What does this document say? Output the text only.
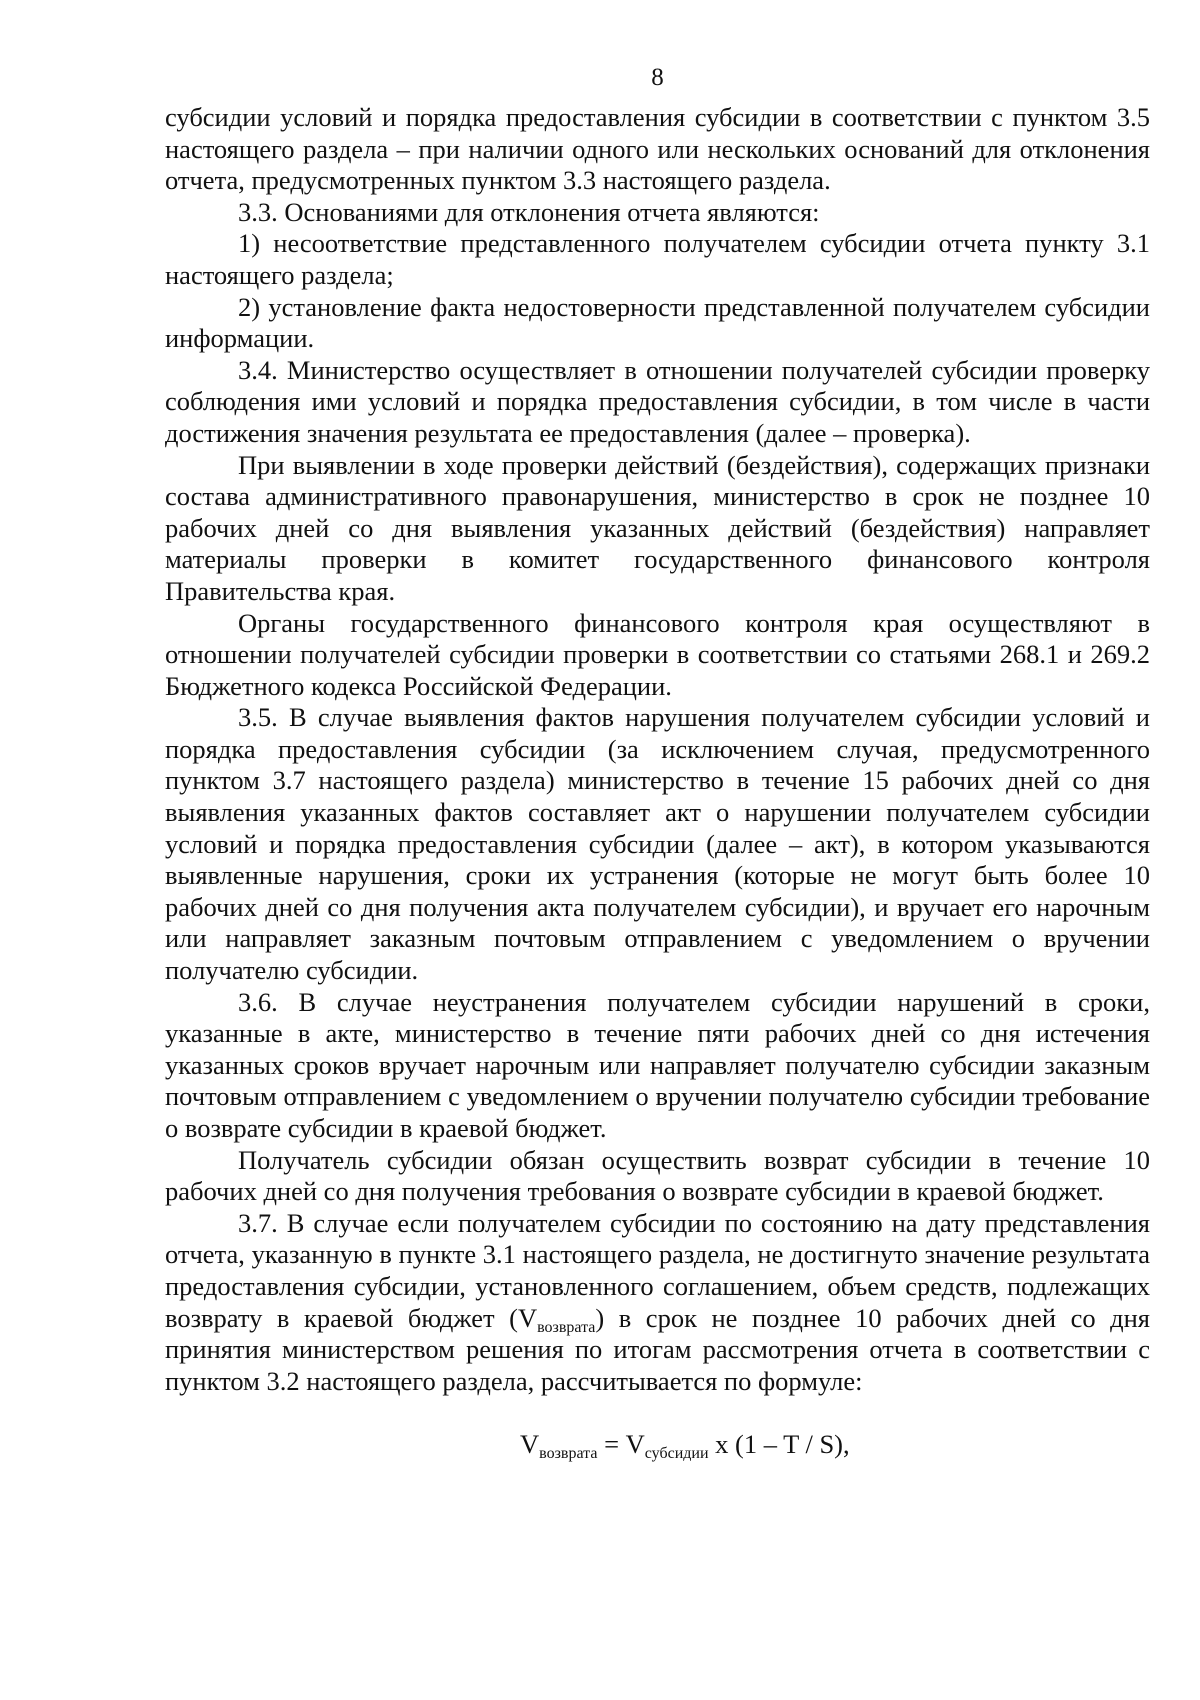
8

субсидии условий и порядка предоставления субсидии в соответствии с пунктом 3.5 настоящего раздела – при наличии одного или нескольких оснований для отклонения отчета, предусмотренных пунктом 3.3 настоящего раздела.

3.3. Основаниями для отклонения отчета являются:

1) несоответствие представленного получателем субсидии отчета пункту 3.1 настоящего раздела;

2) установление факта недостоверности представленной получателем субсидии информации.

3.4. Министерство осуществляет в отношении получателей субсидии проверку соблюдения ими условий и порядка предоставления субсидии, в том числе в части достижения значения результата ее предоставления (далее – проверка).

При выявлении в ходе проверки действий (бездействия), содержащих признаки состава административного правонарушения, министерство в срок не позднее 10 рабочих дней со дня выявления указанных действий (бездействия) направляет материалы проверки в комитет государственного финансового контроля Правительства края.

Органы государственного финансового контроля края осуществляют в отношении получателей субсидии проверки в соответствии со статьями 268.1 и 269.2 Бюджетного кодекса Российской Федерации.

3.5. В случае выявления фактов нарушения получателем субсидии условий и порядка предоставления субсидии (за исключением случая, предусмотренного пунктом 3.7 настоящего раздела) министерство в течение 15 рабочих дней со дня выявления указанных фактов составляет акт о нарушении получателем субсидии условий и порядка предоставления субсидии (далее – акт), в котором указываются выявленные нарушения, сроки их устранения (которые не могут быть более 10 рабочих дней со дня получения акта получателем субсидии), и вручает его нарочным или направляет заказным почтовым отправлением с уведомлением о вручении получателю субсидии.

3.6. В случае неустранения получателем субсидии нарушений в сроки, указанные в акте, министерство в течение пяти рабочих дней со дня истечения указанных сроков вручает нарочным или направляет получателю субсидии заказным почтовым отправлением с уведомлением о вручении получателю субсидии требование о возврате субсидии в краевой бюджет.

Получатель субсидии обязан осуществить возврат субсидии в течение 10 рабочих дней со дня получения требования о возврате субсидии в краевой бюджет.

3.7. В случае если получателем субсидии по состоянию на дату представления отчета, указанную в пункте 3.1 настоящего раздела, не достигнуто значение результата предоставления субсидии, установленного соглашением, объем средств, подлежащих возврату в краевой бюджет $(V_{возврата})$ в срок не позднее 10 рабочих дней со дня принятия министерством решения по итогам рассмотрения отчета в соответствии с пунктом 3.2 настоящего раздела, рассчитывается по формуле:

$V_{возврата} = V_{субсидии}$ x (1 – T / S),
